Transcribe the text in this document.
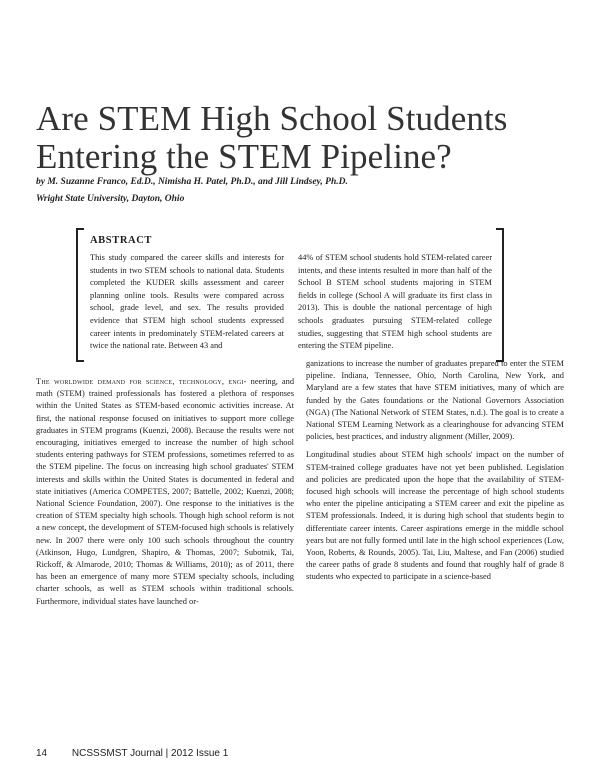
Are STEM High School Students Entering the STEM Pipeline?
by M. Suzanne Franco, Ed.D., Nimisha H. Patel, Ph.D., and Jill Lindsey, Ph.D.
Wright State University, Dayton, Ohio
ABSTRACT
This study compared the career skills and interests for students in two STEM schools to national data. Students completed the KUDER skills assessment and career planning online tools. Results were compared across school, grade level, and sex. The results provided evidence that STEM high school students expressed career intents in predominately STEM-related careers at twice the national rate. Between 43 and
44% of STEM school students hold STEM-related career intents, and these intents resulted in more than half of the School B STEM school students majoring in STEM fields in college (School A will graduate its first class in 2013). This is double the national percentage of high schools graduates pursuing STEM-related college studies, suggesting that STEM high school students are entering the STEM pipeline.

The worldwide demand for science, technology, engi- neering, and math (STEM) trained professionals has fostered a plethora of responses within the United States as STEM-based economic activities increase. At first, the national response focused on initiatives to support more college graduates in STEM programs (Kuenzi, 2008). Because the results were not encouraging, initiatives emerged to increase the number of high school students entering pathways for STEM professions, sometimes referred to as the STEM pipeline. The focus on increasing high school graduates' STEM interests and skills within the United States is documented in federal and state initiatives (America COMPETES, 2007; Battelle, 2002; Kuenzi, 2008; National Science Foundation, 2007). One response to the initiatives is the creation of STEM specialty high schools. Though high school reform is not a new concept, the development of STEM-focused high schools is relatively new. In 2007 there were only 100 such schools throughout the country (Atkinson, Hugo, Lundgren, Shapiro, & Thomas, 2007; Subotnik, Tai, Rickoff, & Almarode, 2010; Thomas & Williams, 2010); as of 2011, there has been an emergence of many more STEM specialty schools, including charter schools, as well as STEM schools within traditional schools. Furthermore, individual states have launched or-

ganizations to increase the number of graduates prepared to enter the STEM pipeline. Indiana, Tennessee, Ohio, North Carolina, New York, and Maryland are a few states that have STEM initiatives, many of which are funded by the Gates foundations or the National Governors Association (NGA) (The National Network of STEM States, n.d.). The goal is to create a National STEM Learning Network as a clearinghouse for advancing STEM policies, best practices, and industry alignment (Miller, 2009).

Longitudinal studies about STEM high schools' impact on the number of STEM-trained college graduates have not yet been published. Legislation and policies are predicated upon the hope that the availability of STEM-focused high schools will increase the percentage of high school students who enter the pipeline anticipating a STEM career and exit the pipeline as STEM professionals. Indeed, it is during high school that students begin to differentiate career intents. Career aspirations emerge in the middle school years but are not fully formed until late in the high school experiences (Low, Yoon, Roberts, & Rounds, 2005). Tai, Liu, Maltese, and Fan (2006) studied the career paths of grade 8 students and found that roughly half of grade 8 students who expected to participate in a science-based

14 NCSSSMST Journal | 2012 Issue 1
